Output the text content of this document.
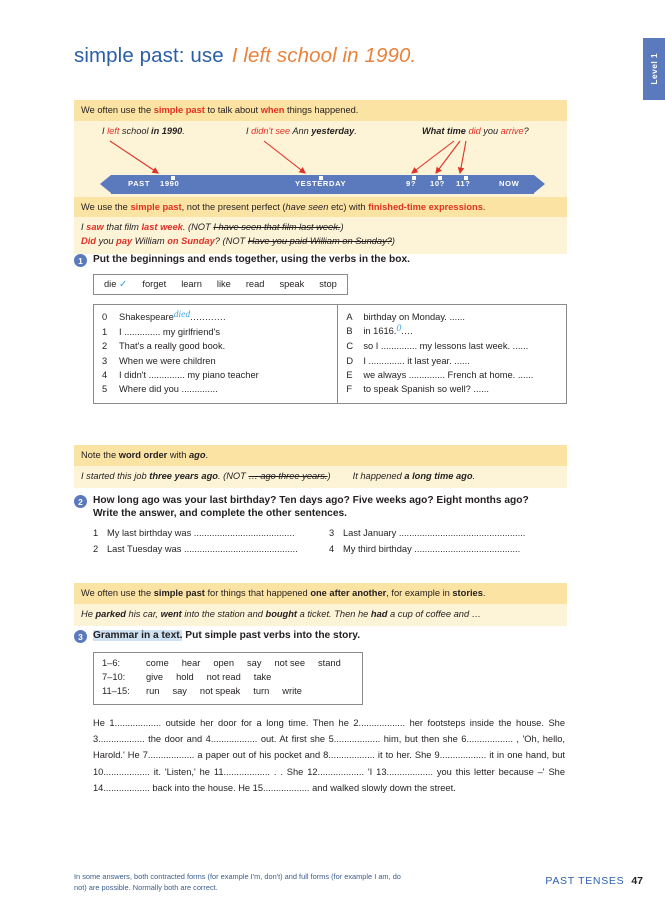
Level 1
simple past: use I left school in 1990.
We often use the simple past to talk about when things happened.
I left school in 1990.	I didn't see Ann yesterday.	What time did you arrive?
PAST 1990	YESTERDAY	9? 10? 11?	NOW
We use the simple past, not the present perfect (have seen etc) with finished-time expressions.
I saw that film last week. (NOT I have seen that film last week.)
Did you pay William on Sunday? (NOT Have you paid William on Sunday?)
1 Put the beginnings and ends together, using the verbs in the box.
die ✓ forget learn like read speak stop
0	Shakespeare died ............
1	I .............. my girlfriend's
2	That's a really good book.
3	When we were children
4	I didn't .............. my piano teacher
5	Where did you ..............
A	birthday on Monday. ......
B	in 1616. 0 ....
C	so I .............. my lessons last week. ......
D	I .............. it last year. ......
E	we always .............. French at home. ......
F	to speak Spanish so well? ......
Note the word order with ago.
I started this job three years ago. (NOT … ago three years.) It happened a long time ago.
2 How long ago was your last birthday? Ten days ago? Five weeks ago? Eight months ago?
Write the answer, and complete the other sentences.
1 My last birthday was .......................................
2 Last Tuesday was ............................................
3 Last January .................................................
4 My third birthday .........................................
We often use the simple past for things that happened one after another, for example in stories.
He parked his car, went into the station and bought a ticket. Then he had a cup of coffee and …
3 Grammar in a text. Put simple past verbs into the story.
1–6:	come hear open say not see stand
7–10:	give hold not read take
11–15:	run say not speak turn write
He 1.................. outside her door for a long time. Then he 2.................. her footsteps inside the house. She 3.................. the door and 4.................. out. At first she 5.................. him, but then she 6.................. , 'Oh, hello, Harold.' He 7.................. a paper out of his pocket and 8.................. it to her. She 9.................. it in one hand, but 10.................. it. 'Listen,' he 11.................. . . She 12.................. 'I 13.................. you this letter because –' She 14.................. back into the house. He 15.................. and walked slowly down the street.
In some answers, both contracted forms (for example I'm, don't) and full forms (for example I am, do not) are possible. Normally both are correct.
PAST TENSES 47
